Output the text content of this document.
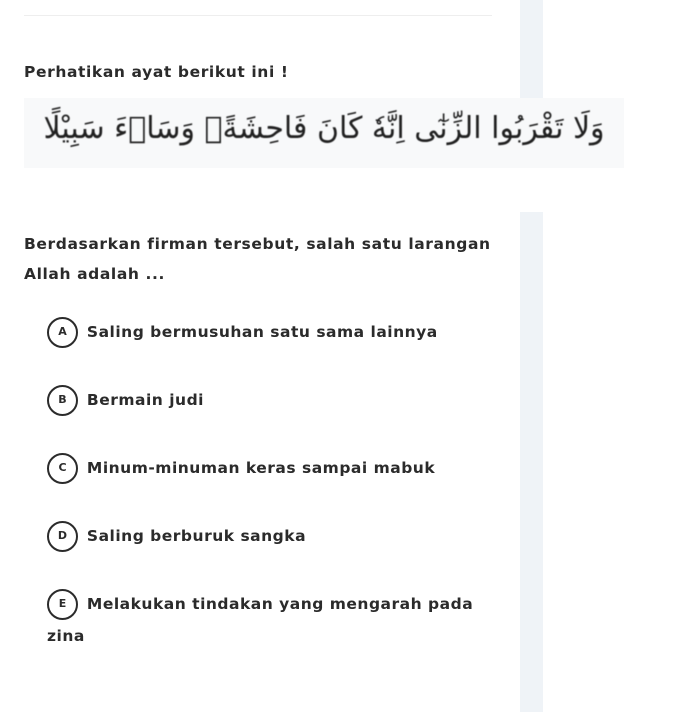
Perhatikan ayat berikut ini !

وَلَا تَقْرَبُوا الزِّنٰٓى اِنَّهٗ كَانَ فَاحِشَةًۗ وَسَاۤءَ سَبِيْلًا

Berdasarkan firman tersebut, salah satu larangan Allah adalah ...

A Saling bermusuhan satu sama lainnya
B Bermain judi
C Minum-minuman keras sampai mabuk
D Saling berburuk sangka
E Melakukan tindakan yang mengarah pada zina
